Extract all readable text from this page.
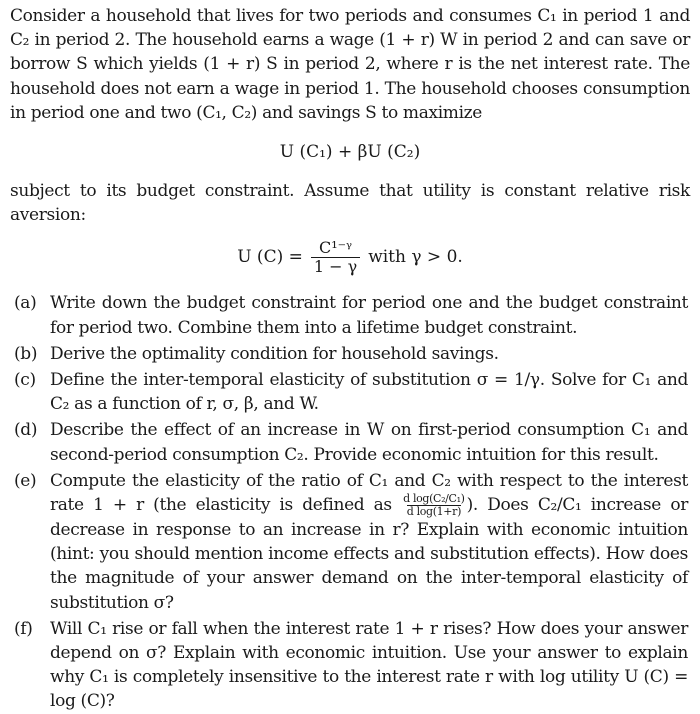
Consider a household that lives for two periods and consumes C₁ in period 1 and C₂ in period 2. The household earns a wage (1 + r) W in period 2 and can save or borrow S which yields (1 + r) S in period 2, where r is the net interest rate. The household does not earn a wage in period 1. The household chooses consumption in period one and two (C₁, C₂) and savings S to maximize

U (C₁) + βU (C₂)

subject to its budget constraint. Assume that utility is constant relative risk aversion:

U $(C) = \frac{\text{C¹⁻ᵞ}}{1 - \gamma}$ with γ > 0.
(a) Write down the budget constraint for period one and the budget constraint for period two. Combine them into a lifetime budget constraint.
(b) Derive the optimality condition for household savings.
(c) Define the inter-temporal elasticity of substitution σ = 1/γ. Solve for C₁ and C₂ as a function of r, σ, β, and W.
(d) Describe the effect of an increase in W on first-period consumption C₁ and second-period consumption C₂. Provide economic intuition for this result.
(e) Compute the elasticity of the ratio of C₁ and C₂ with respect to the interest rate 1 + r (the elasticity is defined as $\frac{\text{d log(C₂/C₁)}}{\text{d log(1+r)}}$ ). Does C₂/C₁ increase or decrease in response to an increase in r? Explain with economic intuition (hint: you should mention income effects and substitution effects). How does the magnitude of your answer demand on the inter-temporal elasticity of substitution σ?
(f)	Will C₁ rise or fall when the interest rate 1 + r rises? How does your answer depend on σ? Explain with economic intuition. Use your answer to explain why C₁ is completely insensitive to the interest rate r with log utility U (C) = log (C)?
